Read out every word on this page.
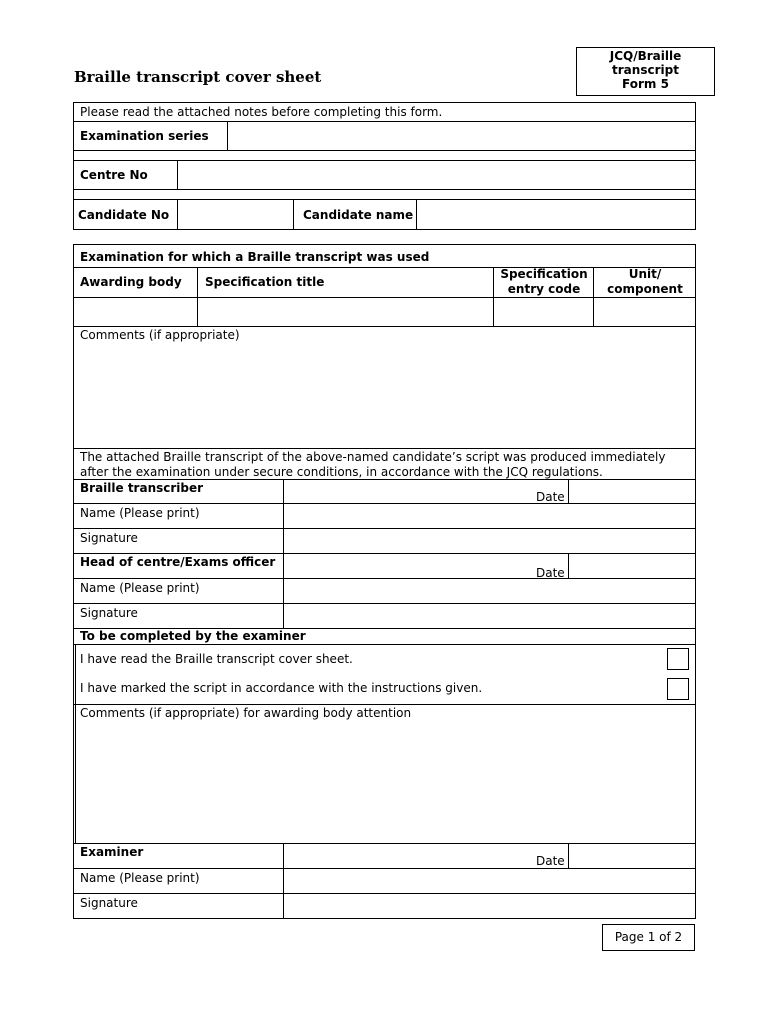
Braille transcript cover sheet
JCQ/Braille
transcript
Form 5
Please read the attached notes before completing this form.
Examination series
Centre No
Candidate No	Candidate name
Examination for which a Braille transcript was used
Awarding body Specification title
Specification entry code
Unit/ component
Comments (if appropriate)
The attached Braille transcript of the above-named candidate’s script was produced immediately after the examination under secure conditions, in accordance with the JCQ regulations.
Braille transcriber
Date
Name (Please print)
Signature
Head of centre/Exams officer
Date
Name (Please print)
Signature
To be completed by the examiner
I have read the Braille transcript cover sheet.
I have marked the script in accordance with the instructions given.
Comments (if appropriate) for awarding body attention
Examiner
Date
Name (Please print)
Signature
Page 1 of 2
